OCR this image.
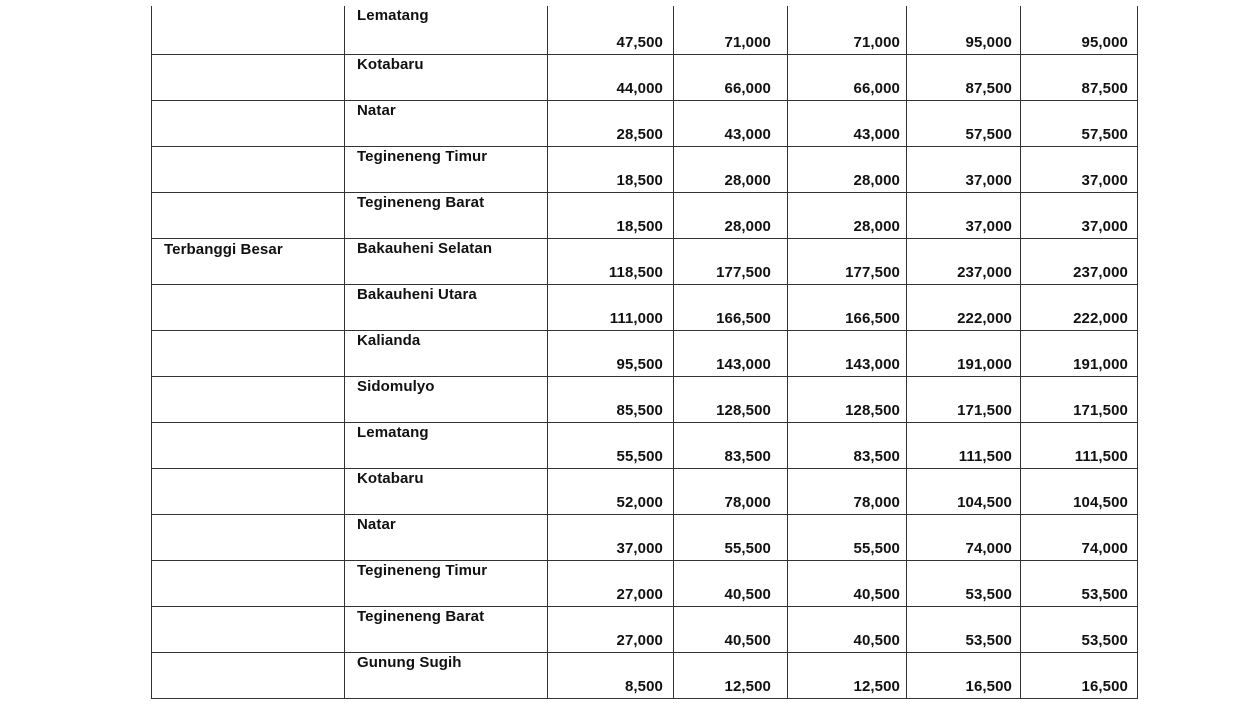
	Lematang	47,500	71,000	71,000	95,000	95,000
	Kotabaru	44,000	66,000	66,000	87,500	87,500
	Natar	28,500	43,000	43,000	57,500	57,500
	Tegineneng Timur	18,500	28,000	28,000	37,000	37,000
	Tegineneng Barat	18,500	28,000	28,000	37,000	37,000
Terbanggi Besar	Bakauheni Selatan	118,500	177,500	177,500	237,000	237,000
	Bakauheni Utara	111,000	166,500	166,500	222,000	222,000
	Kalianda	95,500	143,000	143,000	191,000	191,000
	Sidomulyo	85,500	128,500	128,500	171,500	171,500
	Lematang	55,500	83,500	83,500	111,500	111,500
	Kotabaru	52,000	78,000	78,000	104,500	104,500
	Natar	37,000	55,500	55,500	74,000	74,000
	Tegineneng Timur	27,000	40,500	40,500	53,500	53,500
	Tegineneng Barat	27,000	40,500	40,500	53,500	53,500
	Gunung Sugih	8,500	12,500	12,500	16,500	16,500
